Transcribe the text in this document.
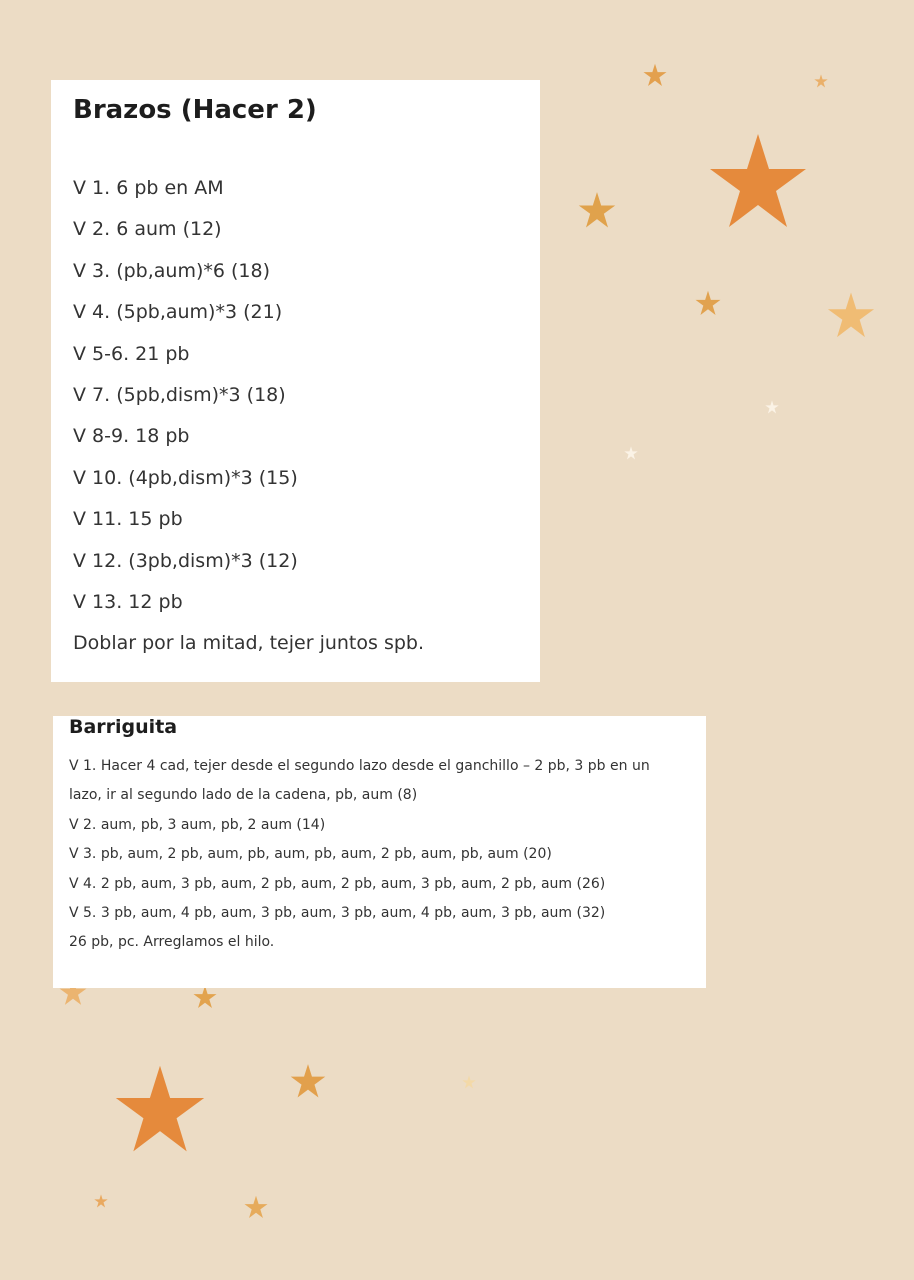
Brazos (Hacer 2)
V 1. 6 pb en AM
V 2. 6 aum (12)
V 3. (pb,aum)*6 (18)
V 4. (5pb,aum)*3 (21)
V 5-6. 21 pb
V 7. (5pb,dism)*3 (18)
V 8-9. 18 pb
V 10. (4pb,dism)*3 (15)
V 11. 15 pb
V 12. (3pb,dism)*3 (12)
V 13. 12 pb
Doblar por la mitad, tejer juntos spb.
Barriguita
V 1. Hacer 4 cad, tejer desde el segundo lazo desde el ganchillo – 2 pb, 3 pb en un
lazo, ir al segundo lado de la cadena, pb, aum (8)
V 2. aum, pb, 3 aum, pb, 2 aum (14)
V 3. pb, aum, 2 pb, aum, pb, aum, pb, aum, 2 pb, aum, pb, aum (20)
V 4. 2 pb, aum, 3 pb, aum, 2 pb, aum, 2 pb, aum, 3 pb, aum, 2 pb, aum (26)
V 5. 3 pb, aum, 4 pb, aum, 3 pb, aum, 3 pb, aum, 4 pb, aum, 3 pb, aum (32)
26 pb, pc. Arreglamos el hilo.
